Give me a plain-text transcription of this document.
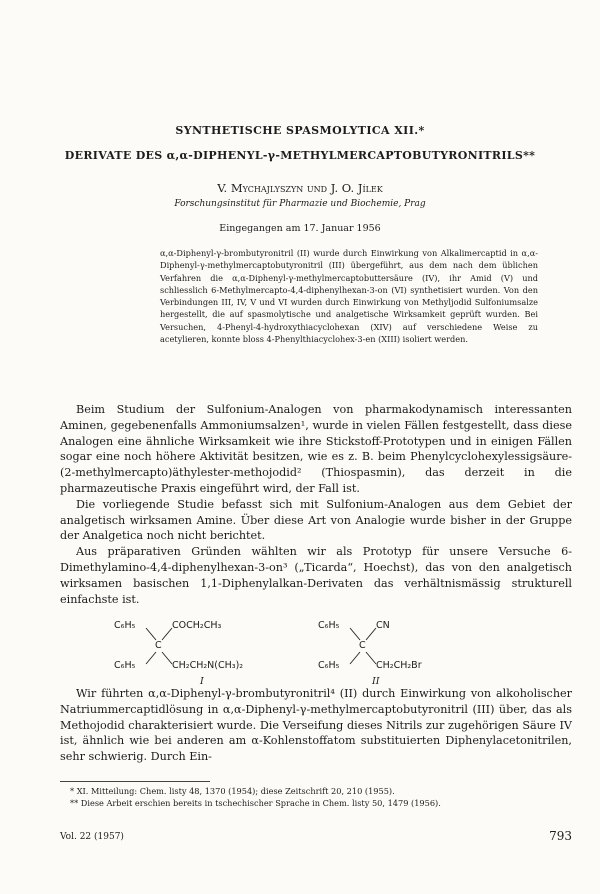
SYNTHETISCHE SPASMOLYTICA XII.*
DERIVATE DES α,α-DIPHENYL-γ-METHYLMERCAPTOBUTYRONITRILS**
V. Mychajlyszyn und J. O. Jílek
Forschungsinstitut für Pharmazie und Biochemie, Prag
Eingegangen am 17. Januar 1956

α,α-Diphenyl-γ-brombutyronitril (II) wurde durch Einwirkung von Alkalimercaptid in α,α-Diphenyl-γ-methylmercaptobutyronitril (III) übergeführt, aus dem nach dem üblichen Verfahren die α,α-Diphenyl-γ-methylmercaptobuttersäure (IV), ihr Amid (V) und schliesslich 6-Methylmercapto-4,4-diphenylhexan-3-on (VI) synthetisiert wurden. Von den Verbindungen III, IV, V und VI wurden durch Einwirkung von Methyljodid Sulfoniumsalze hergestellt, die auf spasmolytische und analgetische Wirksamkeit geprüft wurden. Bei Versuchen, 4-Phenyl-4-hydroxythiacyclohexan (XIV) auf verschiedene Weise zu acetylieren, konnte bloss 4-Phenylthiacyclohex-3-en (XIII) isoliert werden.

Beim Studium der Sulfonium-Analogen von pharmakodynamisch interessanten Aminen, gegebenenfalls Ammoniumsalzen¹, wurde in vielen Fällen festgestellt, dass diese Analogen eine ähnliche Wirksamkeit wie ihre Stickstoff-Prototypen und in einigen Fällen sogar eine noch höhere Aktivität besitzen, wie es z. B. beim Phenylcyclohexylessigsäure-(2-methylmercapto)äthylester-methojodid² (Thiospasmin), das derzeit in die pharmazeutische Praxis eingeführt wird, der Fall ist.

Die vorliegende Studie befasst sich mit Sulfonium-Analogen aus dem Gebiet der analgetisch wirksamen Amine. Über diese Art von Analogie wurde bisher in der Gruppe der Analgetica noch nicht berichtet.

Aus präparativen Gründen wählten wir als Prototyp für unsere Versuche 6-Dimethylamino-4,4-diphenylhexan-3-on³ („Ticarda“, Hoechst), das von den analgetisch wirksamen basischen 1,1-Diphenylalkan-Derivaten das verhältnismässig strukturell einfachste ist.

C₆H₅	COCH₂CH₃
C
C₆H₅	CH₂CH₂N(CH₃)₂
I
C₆H₅	CN
C
C₆H₅	CH₂CH₂Br
II

Wir führten α,α-Diphenyl-γ-brombutyronitril⁴ (II) durch Einwirkung von alkoholischer Natriummercaptidlösung in α,α-Diphenyl-γ-methylmercaptobutyronitril (III) über, das als Methojodid charakterisiert wurde. Die Verseifung dieses Nitrils zur zugehörigen Säure IV ist, ähnlich wie bei anderen am α-Kohlenstoffatom substituierten Diphenylacetonitrilen, sehr schwierig. Durch Ein-

* XI. Mitteilung: Chem. listy 48, 1370 (1954); diese Zeitschrift 20, 210 (1955).

** Diese Arbeit erschien bereits in tschechischer Sprache in Chem. listy 50, 1479 (1956).

Vol. 22 (1957)	793
